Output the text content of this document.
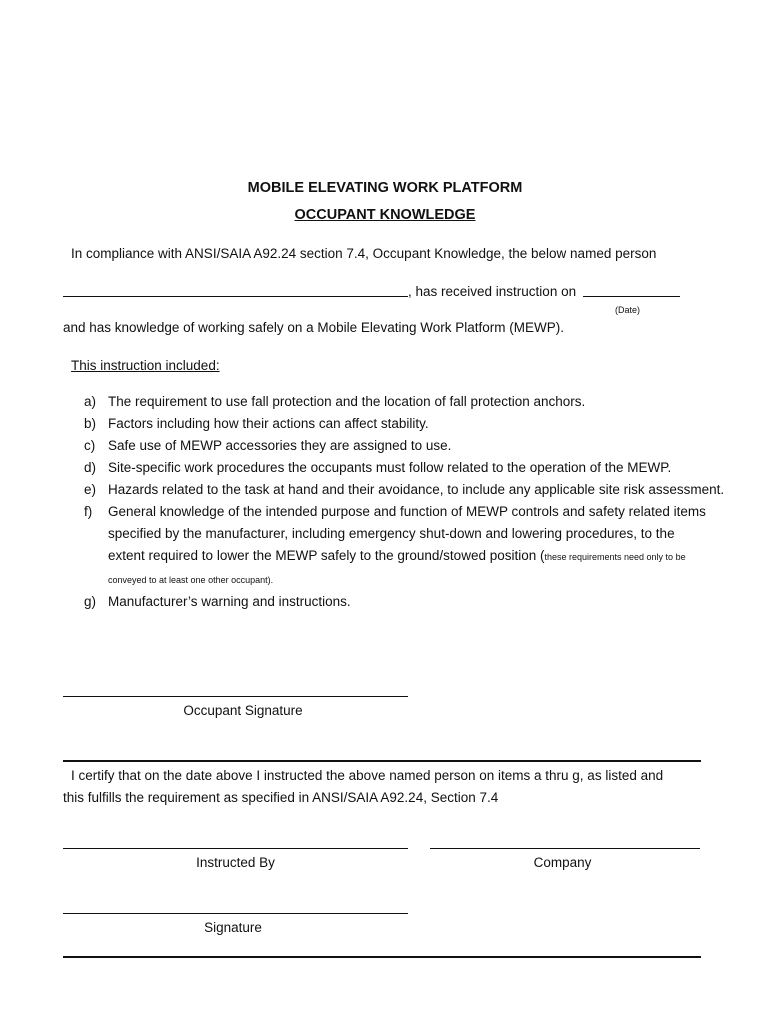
MOBILE ELEVATING WORK PLATFORM
OCCUPANT KNOWLEDGE
In compliance with ANSI/SAIA A92.24 section 7.4, Occupant Knowledge, the below named person
, has received instruction on
(Date)
and has knowledge of working safely on a Mobile Elevating Work Platform (MEWP).
This instruction included:
a) The requirement to use fall protection and the location of fall protection anchors.
b) Factors including how their actions can affect stability.
c) Safe use of MEWP accessories they are assigned to use.
d) Site-specific work procedures the occupants must follow related to the operation of the MEWP.
e) Hazards related to the task at hand and their avoidance, to include any applicable site risk assessment.
f) General knowledge of the intended purpose and function of MEWP controls and safety related items specified by the manufacturer, including emergency shut-down and lowering procedures, to the extent required to lower the MEWP safely to the ground/stowed position (these requirements need only to be conveyed to at least one other occupant).
g) Manufacturer’s warning and instructions.
Occupant Signature
I certify that on the date above I instructed the above named person on items a thru g, as listed and
this fulfills the requirement as specified in ANSI/SAIA A92.24, Section 7.4
Instructed By	Company
Signature
